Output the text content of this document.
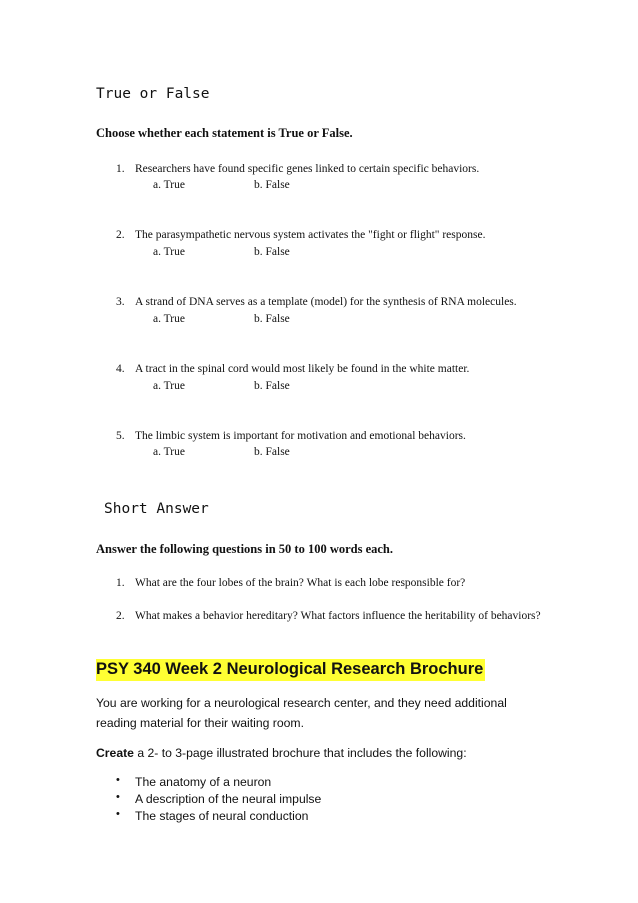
True or False
Choose whether each statement is True or False.
1. Researchers have found specific genes linked to certain specific behaviors.
a. True	b. False
2. The parasympathetic nervous system activates the "fight or flight" response.
a. True	b. False
3. A strand of DNA serves as a template (model) for the synthesis of RNA molecules.
a. True	b. False
4. A tract in the spinal cord would most likely be found in the white matter.
a. True	b. False
5. The limbic system is important for motivation and emotional behaviors.
a. True	b. False
Short Answer
Answer the following questions in 50 to 100 words each.
1. What are the four lobes of the brain? What is each lobe responsible for?
2. What makes a behavior hereditary? What factors influence the heritability of behaviors?
PSY 340 Week 2 Neurological Research Brochure
You are working for a neurological research center, and they need additional reading material for their waiting room.
Create a 2- to 3-page illustrated brochure that includes the following:
• The anatomy of a neuron
• A description of the neural impulse
• The stages of neural conduction
